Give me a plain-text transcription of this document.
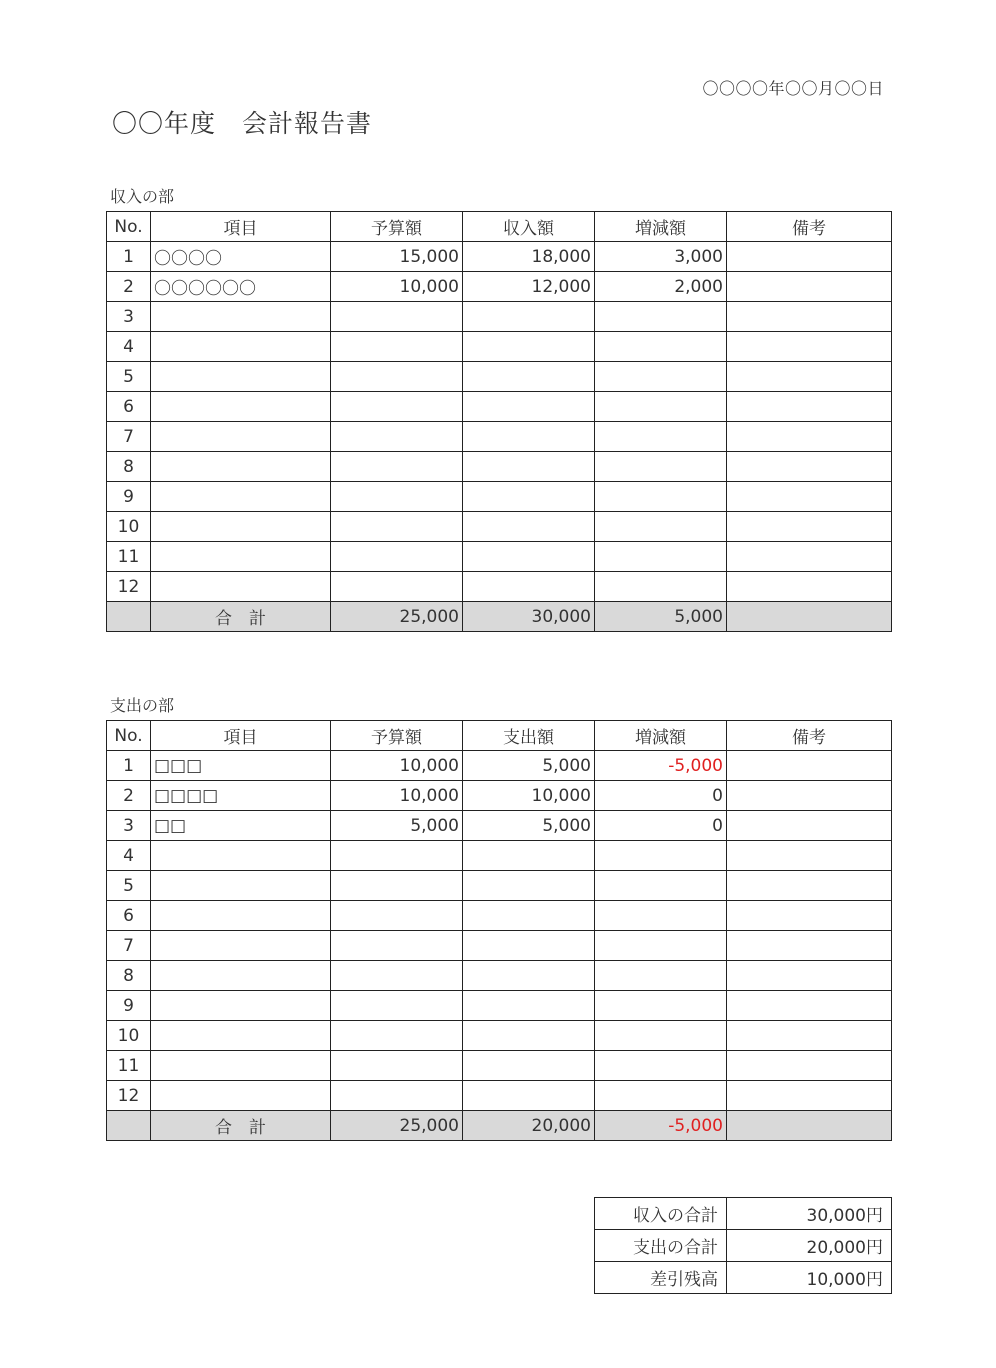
〇〇〇〇年〇〇月〇〇日
〇〇年度　会計報告書
収入の部
No.	項目	予算額	収入額	増減額	備考
1	〇〇〇〇	15,000	18,000	3,000	
2	〇〇〇〇〇〇	10,000	12,000	2,000	
3					
4					
5					
6					
7					
8					
9					
10					
11					
12					
	合　計	25,000	30,000	5,000	
支出の部
No.	項目	予算額	支出額	増減額	備考
1	□□□	10,000	5,000	-5,000	
2	□□□□	10,000	10,000	0	
3	□□	5,000	5,000	0	
4					
5					
6					
7					
8					
9					
10					
11					
12					
	合　計	25,000	20,000	-5,000	
収入の合計	30,000円
支出の合計	20,000円
差引残高	10,000円
